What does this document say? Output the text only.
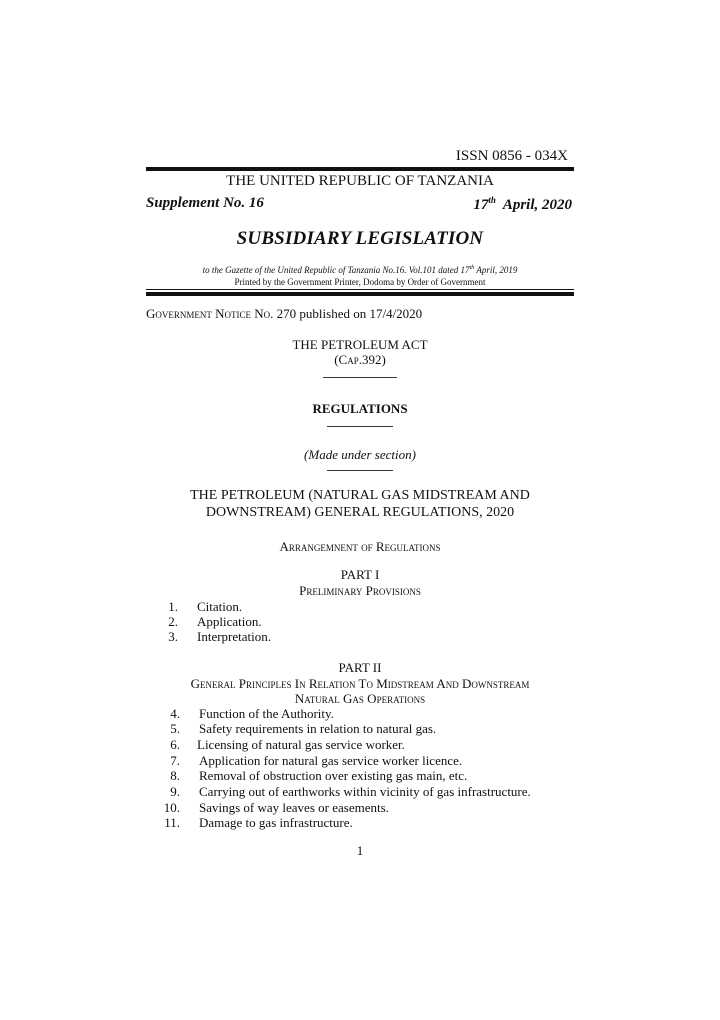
ISSN 0856 - 034X
THE UNITED REPUBLIC OF TANZANIA
Supplement No. 16	17th  April, 2020
SUBSIDIARY LEGISLATION
to the Gazette of the United Republic of Tanzania No.16. Vol.101 dated 17th April, 2019
Printed by the Government Printer, Dodoma by Order of Government
Government Notice No. 270 published on 17/4/2020
THE PETROLEUM ACT
(Cap.392)
REGULATIONS
(Made under section)
THE PETROLEUM (NATURAL GAS MIDSTREAM AND
DOWNSTREAM) GENERAL REGULATIONS, 2020
Arrangemnent of Regulations
PART I
Preliminary Provisions
1. Citation.
2. Application.
3. Interpretation.
PART II
General Principles In Relation To Midstream And Downstream
Natural Gas Operations
4. Function of the Authority.
5. Safety requirements in relation to natural gas.
6. Licensing of natural gas service worker.
7. Application for natural gas service worker licence.
8. Removal of obstruction over existing gas main, etc.
9. Carrying out of earthworks within vicinity of gas infrastructure.
10. Savings of way leaves or easements.
11. Damage to gas infrastructure.
1
